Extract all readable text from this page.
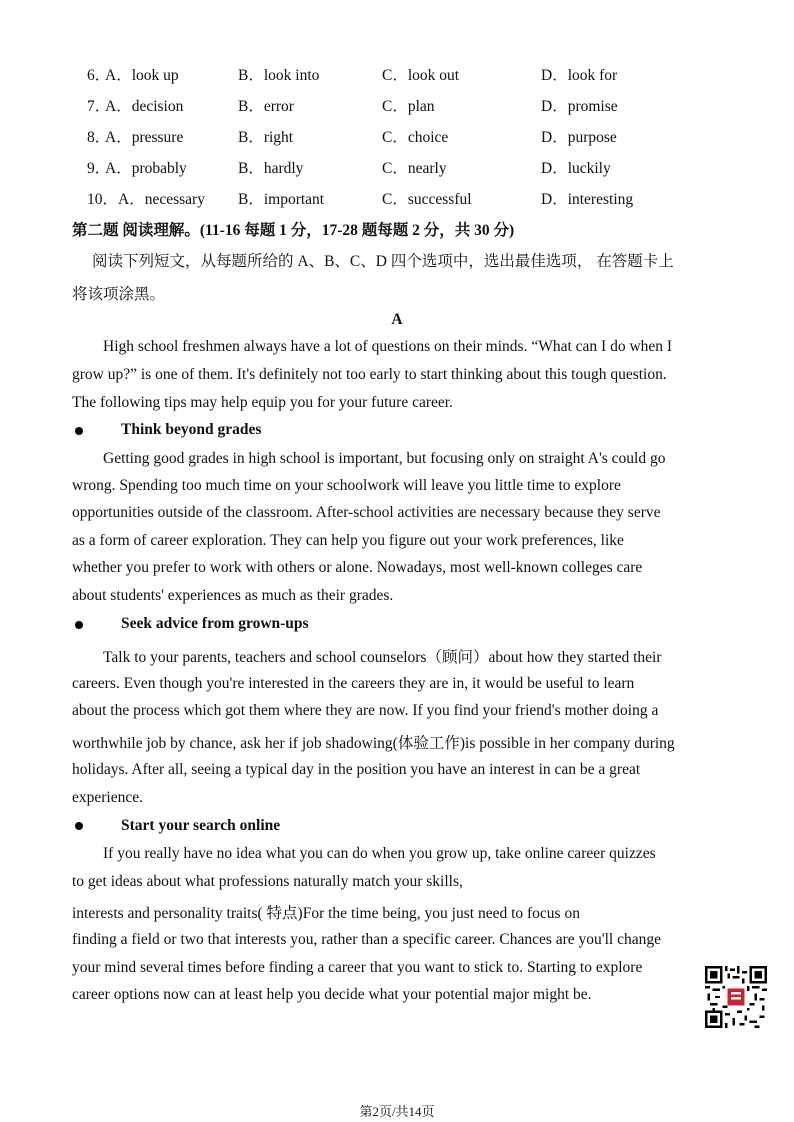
6．
A．look up	B．look into	C．look out	D．look for
7．
A．decision	B．error	C．plan	D．promise
8．
A．pressure	B．right	C．choice	D．purpose
9．
A．probably	B．hardly	C．nearly	D．luckily
10． A．necessary B．important	C．successful	D．interesting
第二题 阅读理解。(11-16 每题 1 分，17-28 题每题 2 分，共 30 分)
阅读下列短文，从每题所给的 A、B、C、D 四个选项中，选出最佳选项， 在答题卡上
将该项涂黑。
A
High school freshmen always have a lot of questions on their minds. “What can I do when I
grow up?” is one of them. It's definitely not too early to start thinking about this tough question.
The following tips may help equip you for your future career.
Think beyond grades
Getting good grades in high school is important, but focusing only on straight A's could go
wrong. Spending too much time on your schoolwork will leave you little time to explore
opportunities outside of the classroom. After-school activities are necessary because they serve
as a form of career exploration. They can help you figure out your work preferences, like
whether you prefer to work with others or alone. Nowadays, most well-known colleges care
about students' experiences as much as their grades.
Seek advice from grown-ups
Talk to your parents, teachers and school counselors（顾问）about how they started their
careers. Even though you're interested in the careers they are in, it would be useful to learn
about the process which got them where they are now. If you find your friend's mother doing a
worthwhile job by chance, ask her if job shadowing(体验工作)is possible in her company during
holidays. After all, seeing a typical day in the position you have an interest in can be a great
experience.
Start your search online
If you really have no idea what you can do when you grow up, take online career quizzes
to get ideas about what professions naturally match your skills,
interests and personality traits( 特点)For the time being, you just need to focus on
finding a field or two that interests you, rather than a specific career. Chances are you'll change
your mind several times before finding a career that you want to stick to. Starting to explore
career options now can at least help you decide what your potential major might be.
第2页/共14页
